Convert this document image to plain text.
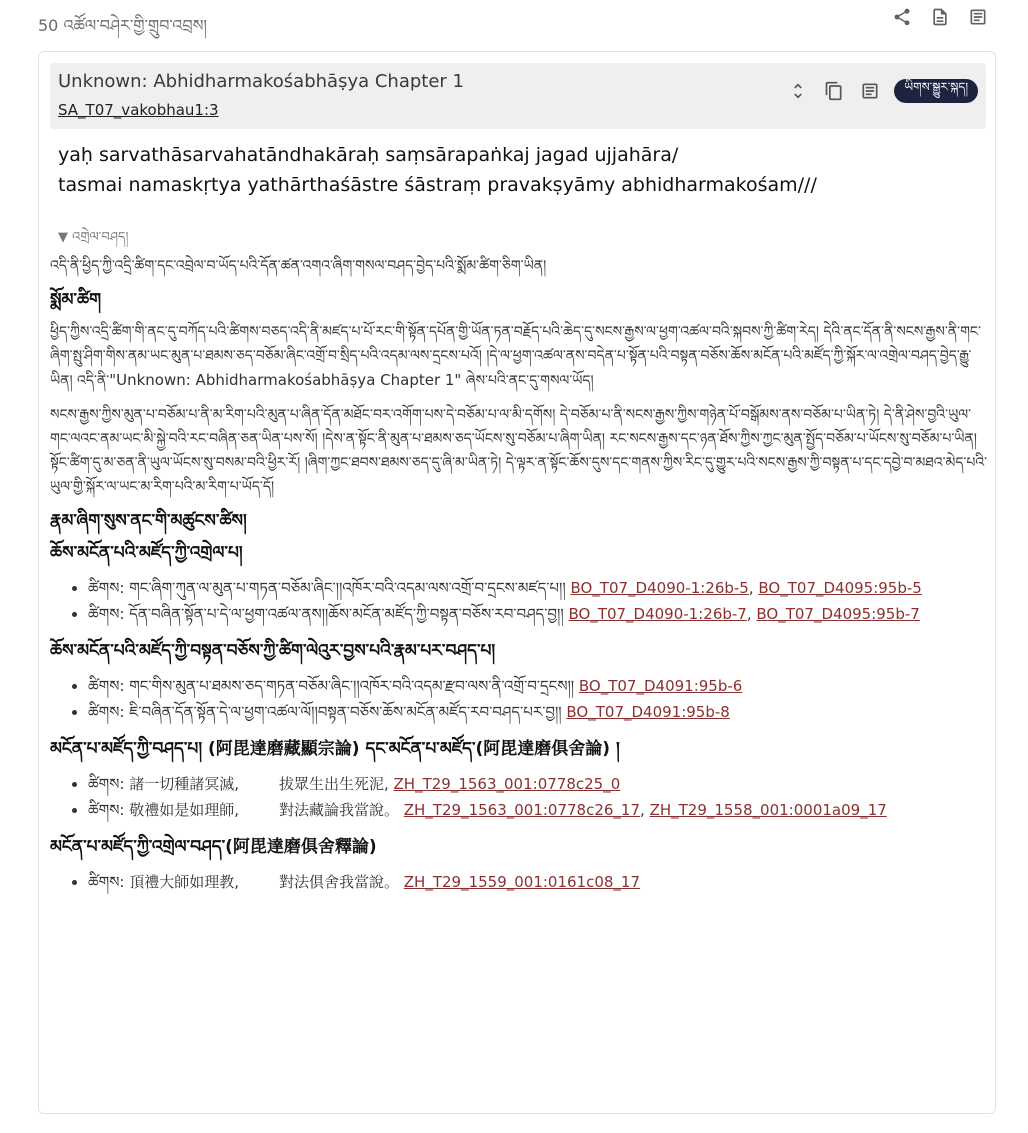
50 འཚོལ་བཤེར་གྱི་གྲུབ་འབྲས།
Unknown: Abhidharmakośabhāṣya Chapter 1
SA_T07_vakobhau1:3
ཡིགས་སྒྱུར་སྐད།
yaḥ sarvathāsarvahatāndhakāraḥ saṃsārapaṅkaj jagad ujjahāra/
tasmai namaskṛtya yathārthaśāstre śāstraṃ pravakṣyāmy abhidharmakośam///
▼ འགྲེལ་བཤད།

འདི་ནི་ཕྱིད་ཀྱི་འདྲི་ཚིག་དང་འབྲེལ་བ་ཡོད་པའི་དོན་ཚན་འགའ་ཞིག་གསལ་བཤད་བྱེད་པའི་སྨོམ་ཚིག་ཅིག་ཡིན།

སྨོམ་ཚིག

ཕྱིད་ཀྱིས་འདྲི་ཚིག་གི་ནང་དུ་བཀོད་པའི་ཚིགས་བཅད་འདི་ནི་མཛད་པ་པོ་རང་གི་སྟོན་དཔོན་གྱི་ཡོན་ཏན་བརྗོད་པའི་ཆེད་དུ་སངས་རྒྱས་ལ་ཕྱག་འཚལ་བའི་སྐབས་ཀྱི་ཚིག་རེད། དེའི་ནང་དོན་ནི་སངས་རྒྱས་ནི་གང་ཞིག་སྤུ་ཤིག་གིས་ནམ་ཡང་མུན་པ་ཐམས་ཅད་བཅོམ་ཞིང་འགྲོ་བ་སྲིད་པའི་འདམ་ལས་དྲངས་པའོ། །དེ་ལ་ཕྱག་འཚལ་ནས་བདེན་པ་སྟོན་པའི་བསྟན་བཅོས་ཆོས་མངོན་པའི་མཛོད་ཀྱི་སྐོར་ལ་འགྲེལ་བཤད་བྱེད་རྒྱུ་ཡིན། འདི་ནི་"Unknown: Abhidharmakośabhāṣya Chapter 1" ཞེས་པའི་ནང་དུ་གསལ་ཡོད།

སངས་རྒྱས་ཀྱིས་མུན་པ་བཅོམ་པ་ནི་མ་རིག་པའི་མུན་པ་ཞིན་དོན་མཐོང་བར་འགོག་པས་དེ་བཅོམ་པ་ལ་མི་དགོས། དེ་བཅོམ་པ་ནི་སངས་རྒྱས་ཀྱིས་གཉེན་པོ་བསྒོམས་ནས་བཅོམ་པ་ཡིན་ཏེ། དེ་ནི་ཤེས་བྱའི་ཡུལ་གང་ལའང་ནམ་ཡང་མི་སྐྱེ་བའི་རང་བཞིན་ཅན་ཡིན་པས་སོ། །དེས་ན་སྟོང་ནི་མུན་པ་ཐམས་ཅད་ཡོངས་སུ་བཅོམ་པ་ཞིག་ཡིན། རང་སངས་རྒྱས་དང་ཉན་ཐོས་ཀྱིས་ཀྱང་མུན་སྤྱོད་བཅོམ་པ་ཡོངས་སུ་བཅོམ་པ་ཡིན། སྟོང་ཚིག་དུ་མ་ཅན་ནི་ཡུལ་ཡོངས་སུ་བསམ་བའི་ཕྱིར་རོ། །ཞིག་ཀྱང་ཐབས་ཐམས་ཅད་དུ་ཞི་མ་ཡིན་ཏེ། དེ་ལྟར་ན་སྟོང་ཆོས་དུས་དང་གནས་ཀྱིས་རིང་དུ་གྱུར་པའི་སངས་རྒྱས་ཀྱི་བསྟན་པ་དང་དབྱེ་བ་མཐའ་མེད་པའི་ཡུལ་གྱི་སྐོར་ལ་ཡང་མ་རིག་པའི་མ་རིག་པ་ཡོད་དོ།

རྣམ་ཞིག་སུས་ནང་གི་མཚུངས་ཚིས།
ཆོས་མངོན་པའི་མཛོད་ཀྱི་འགྲེལ་པ།
• ཚིགས: གང་ཞིག་ཀུན་ལ་མུན་པ་གཏན་བཅོམ་ཞིང་།།འཁོར་བའི་འདམ་ལས་འགྲོ་བ་དྲངས་མཛད་པ།། BO_T07_D4090-1:26b-5, BO_T07_D4095:95b-5
• ཚིགས: དོན་བཞིན་སྟོན་པ་དེ་ལ་ཕྱག་འཚལ་ནས།།ཆོས་མངོན་མཛོད་ཀྱི་བསྟན་བཅོས་རབ་བཤད་བྱ།། BO_T07_D4090-1:26b-7, BO_T07_D4095:95b-7
ཆོས་མངོན་པའི་མཛོད་ཀྱི་བསྟན་བཅོས་ཀྱི་ཚིག་ལེའུར་བྱས་པའི་རྣམ་པར་བཤད་པ།
• ཚིགས: གང་གིས་མུན་པ་ཐམས་ཅད་གཏན་བཅོམ་ཞིང་།།འཁོར་བའི་འདམ་རྫབ་ལས་ནི་འགྲོ་བ་དྲངས།། BO_T07_D4091:95b-6
• ཚིགས: ཇི་བཞིན་དོན་སྟོན་དེ་ལ་ཕྱག་འཚལ་ལོ།།བསྟན་བཅོས་ཆོས་མངོན་མཛོད་རབ་བཤད་པར་བྱ།། BO_T07_D4091:95b-8
མངོན་པ་མཛོད་ཀྱི་བཤད་པ། (阿毘達磨藏顯宗論) དང་མངོན་པ་མཛོད་(阿毘達磨俱舍論) །
• ཚིགས: 諸一切種諸冥滅,	拔眾生出生死泥, ZH_T29_1563_001:0778c25_0
• ཚིགས: 敬禮如是如理師,	對法藏論我當說。 ZH_T29_1563_001:0778c26_17, ZH_T29_1558_001:0001a09_17
མངོན་པ་མཛོད་ཀྱི་འགྲེལ་བཤད་(阿毘達磨俱舍釋論)
• ཚིགས: 頂禮大師如理教,	對法俱舍我當說。 ZH_T29_1559_001:0161c08_17
